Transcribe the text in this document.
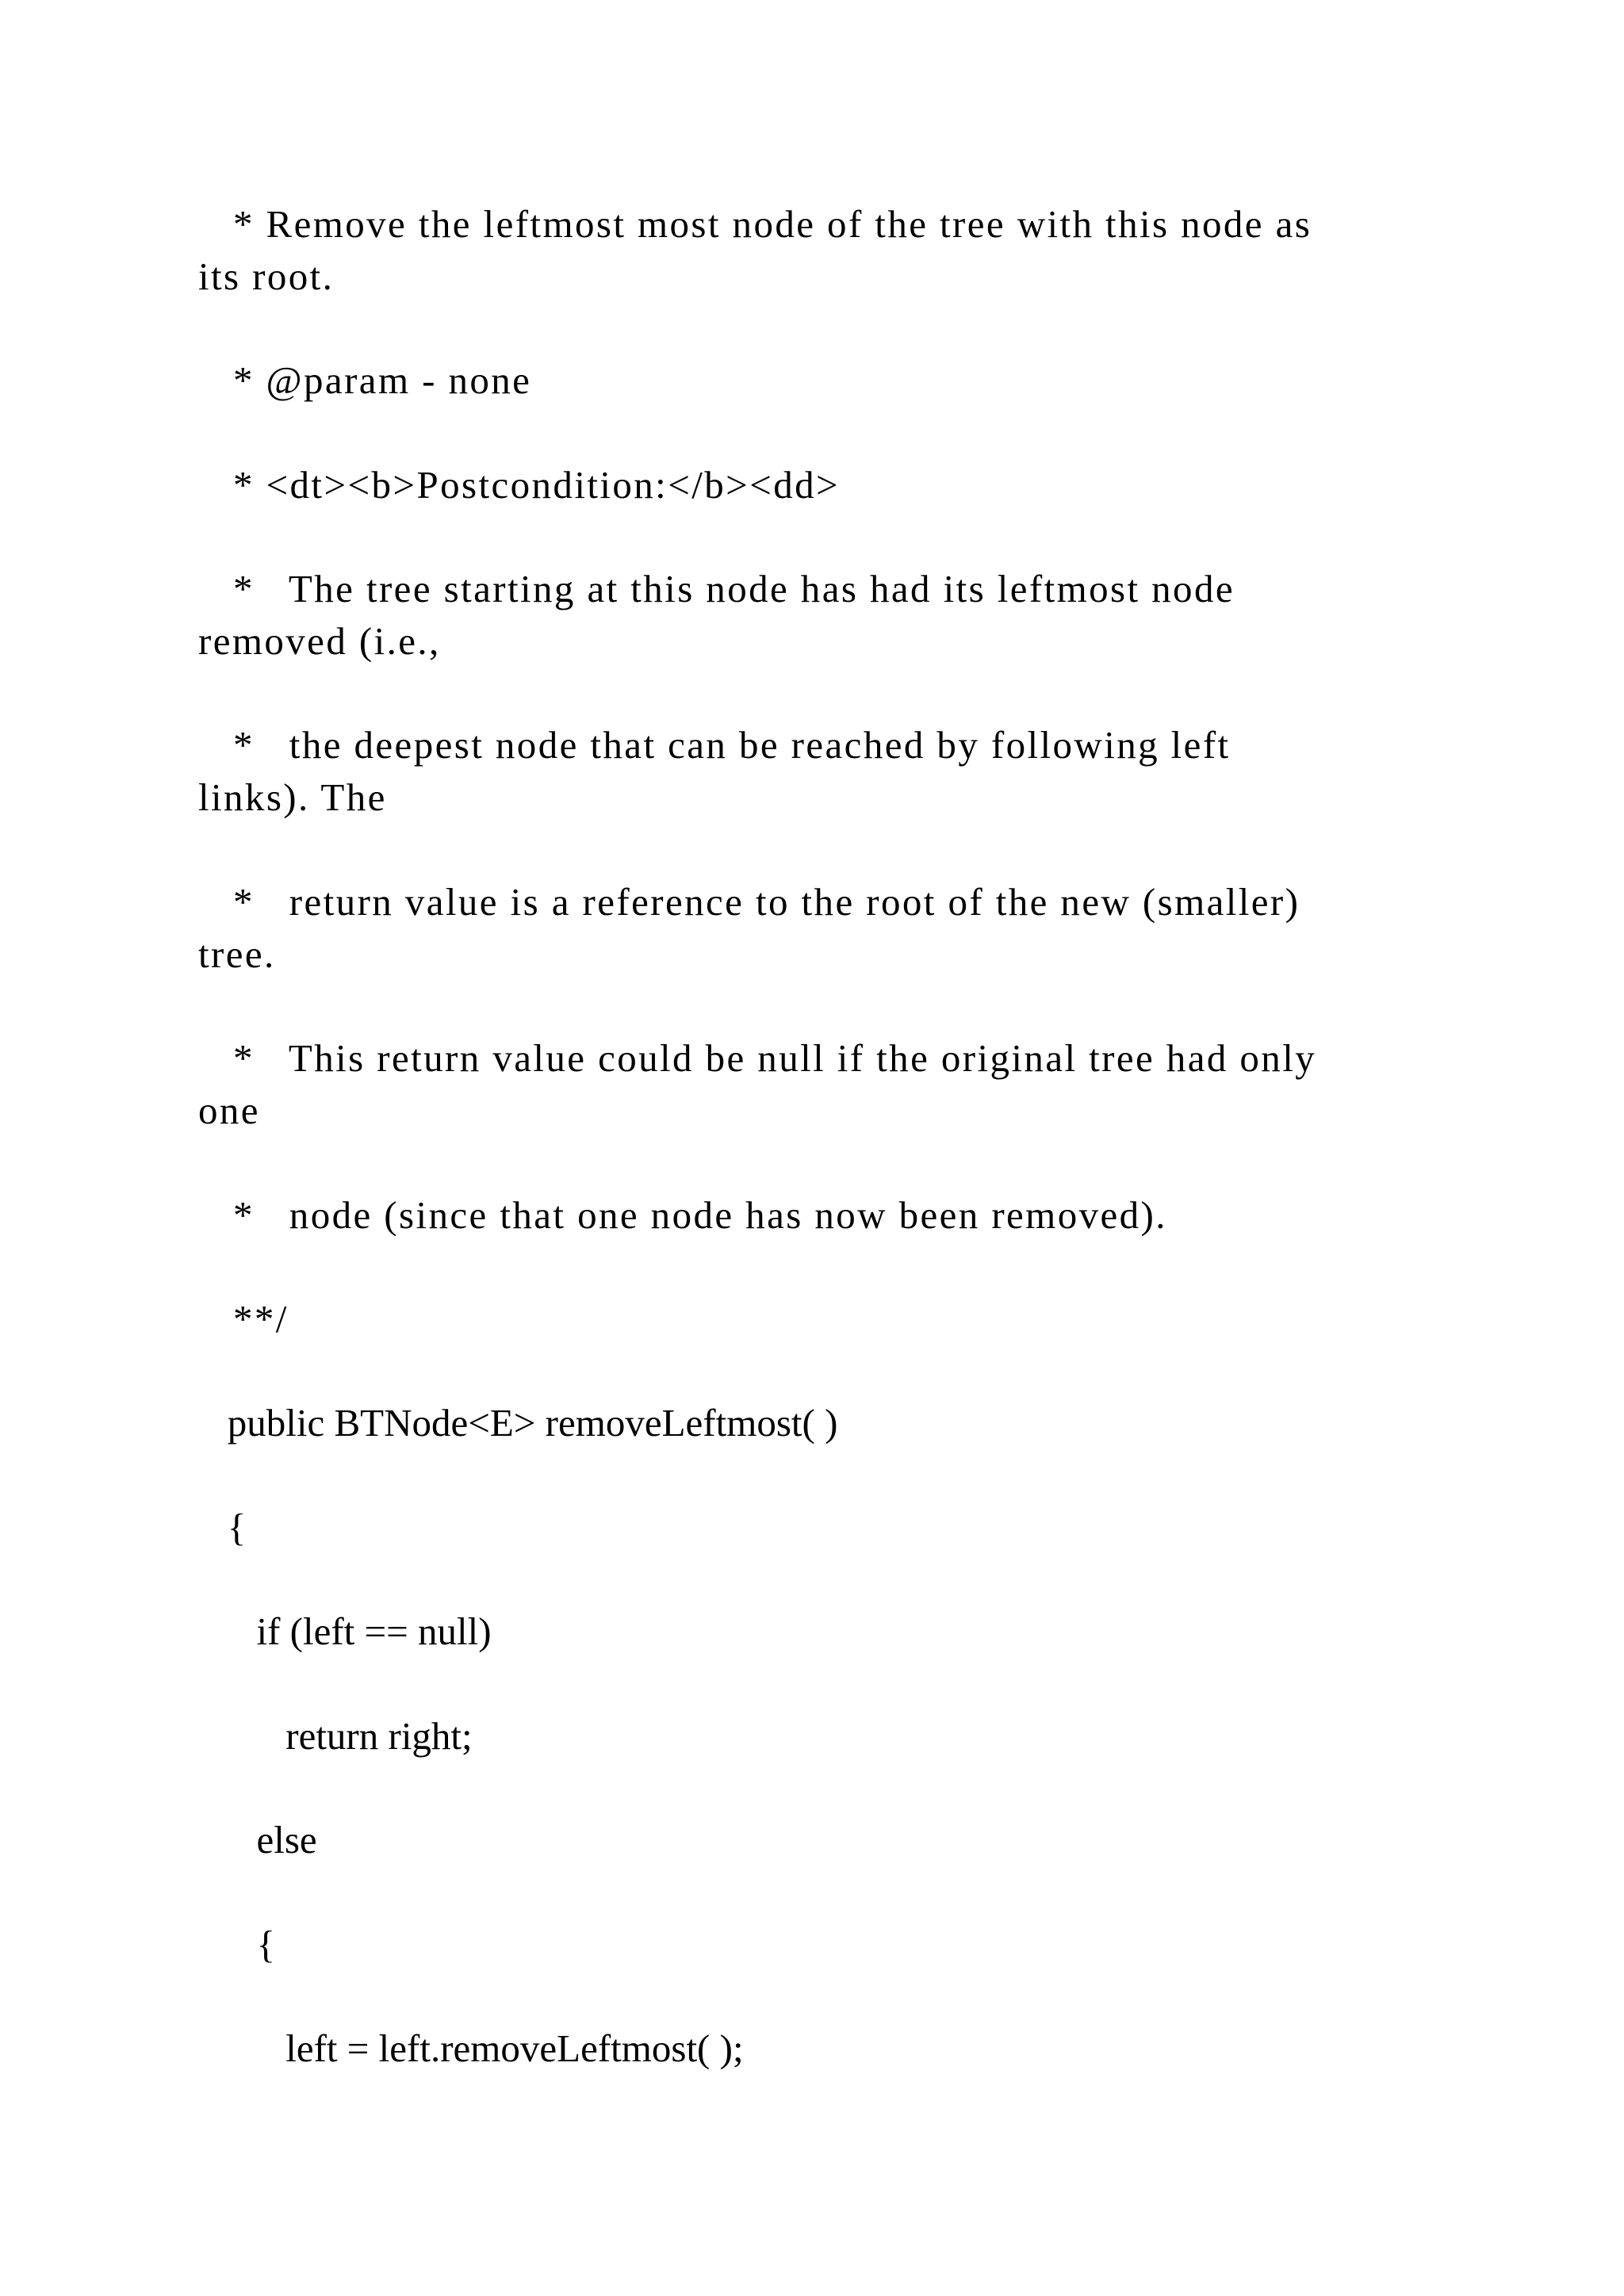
* Remove the leftmost most node of the tree with this node as
its root.
* @param - none
* <dt><b>Postcondition:</b><dd>
*   The tree starting at this node has had its leftmost node
removed (i.e.,
*   the deepest node that can be reached by following left
links). The
*   return value is a reference to the root of the new (smaller)
tree.
*   This return value could be null if the original tree had only
one
*   node (since that one node has now been removed).
**/
public BTNode<E> removeLeftmost( )
{
if (left == null)
return right;
else
{
left = left.removeLeftmost( );
